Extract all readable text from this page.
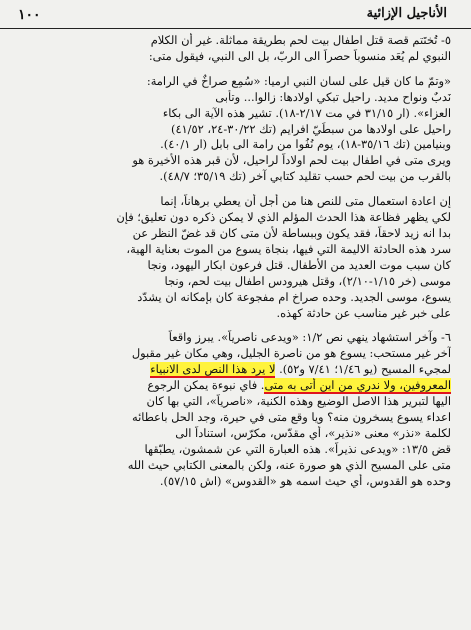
١٠٠	الأناجيل الإزائية

٥- تُختَتم قصة قتل اطفال بيت لحم بطريقة مماثلة. غير أن الكلام
النبوي لم يُعَد منسوباً حصراً الى الربّ، بل الى النبي، فيقول متى:

«وتمّ ما كان قيل على لسان النبي ارميا: «سُمِع صراخٌ في الرامة:
نَدبٌ ونواح مديد. راحيل تبكي اولادها: زالوا... وتأبى
العزاء». (ار ٣١/١٥ في مت ٢/١٧-١٨). تشير هذه الآية الى بكاء
راحيل على اولادها من سبطَيّ افرايم (تك ٣٠/٢٢-٢٤، ٤١/٥٢)
وبنيامين (تك ٣٥/١٦-١٨)، يوم نُفُوا من رامة الى بابل (ار ٤٠/١).
ويرى متى في اطفال بيت لحم اولاداً لراحيل، لأن قبر هذه الأخيرة هو
بالقرب من بيت لحم حسب تقليد كتابي آخر (تك ٣٥/١٩؛ ٤٨/٧).

إن اعادة استعمال متى للنص هنا من أجل أن يعطي برهاناً، إنما
لكي يظهر فظاعة هذا الحدث المؤلم الذي لا يمكن ذكره دون تعليق؛ فإن
بدا انه زيد لاحقاً، فقد يكون وببساطة لأن متى كان قد غضّ النظر عن
سرد هذه الحادثة الاليمة التي فيها، بنجاة يسوع من الموت بعناية الهية،
كان سبب موت العديد من الأطفال. قتل فرعون ابكار اليهود، ونجا
موسى (خر ١/١٥-٢/١٠)، وقتل هيرودس اطفال بيت لحم، ونجا
يسوع، موسى الجديد. وحده صراخ ام مفجوعة كان بإمكانه ان يشدّد
على خبر غير مناسب عن حادثة كهذه.

٦- وآخر استشهاد ينهي نص ١/٢: «ويدعى ناصرياً». يبرز واقعاً
آخر غير مستحب: يسوع هو من ناصرة الجليل، وهي مكان غير مقبول
لمجيء المسيح (يو ١/٤٦؛ ٧/٤١ و٥٢). لا يرد هذا النص لدى الانبياء
المعروفين، ولا ندري من اين أتى به متى. فاي نبوءة يمكن الرجوع
اليها لتبرير هذا الاصل الوضيع وهذه الكنية، «ناصرياً»، التي بها كان
اعداء يسوع يسخرون منه؟ ويا وقع متى في حيرة، وجد الحل باعطائه
لكلمة «نذر» معنى «نذير»، أي مقدّس، مكرّس، استناداً الى
قض ١٣/٥: «ويدعى نذيراً». هذه العبارة التي عن شمشون، يطبّقها
متى على المسيح الذي هو صورة عنه، ولكن بالمعنى الكتابي حيث الله
وحده هو القدوس، أي حيث اسمه هو «القدوس» (اش ٥٧/١٥).
